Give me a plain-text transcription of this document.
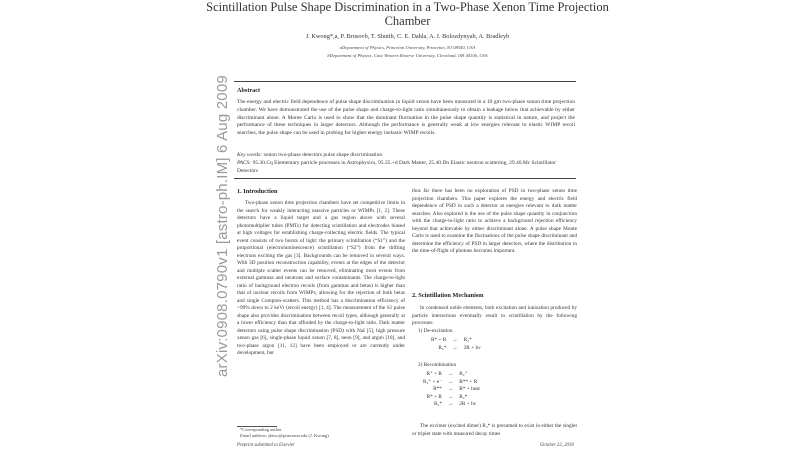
Scintillation Pulse Shape Discrimination in a Two-Phase Xenon Time Projection Chamber
J. Kwong*,a, P. Brusovb, T. Shuttb, C. E. Dahla, A. I. Bolozdynyab, A. Bradleyb
aDepartment of Physics, Princeton University, Princeton, NJ 08540, USA
bDepartment of Physics, Case Western Reserve University, Cleveland, OH 44106, USA
Abstract
The energy and electric field dependence of pulse shape discrimination in liquid xenon have been measured in a 10 gm two-phase xenon time projection chamber. We have demonstrated the use of the pulse shape and charge-to-light ratio simultaneously to obtain a leakage below that achievable by either discriminant alone. A Monte Carlo is used to show that the dominant fluctuation in the pulse shape quantity is statistical in nature, and project the performance of these techniques in larger detectors. Although the performance is generally weak at low energies relevant to elastic WIMP recoil searches, the pulse shape can be used in probing for higher energy inelastic WIMP recoils.
Key words: xenon two-phase detectors pulse shape discrimination
PACS: 95.30.Cq Elementary particle processes in Astrophysics, 95.35.+d Dark Matter, 25.40.Dn Elastic neutron scattering, 29.40.Mc Scintillator Detectors
arXiv:0908.0790v1 [astro-ph.IM] 6 Aug 2009 1. Introduction

Two-phase xenon time projection chambers have set competitive limits in the search for weakly interacting massive particles or WIMPs [1, 2]. These detectors have a liquid target and a gas region above with several photomultiplier tubes (PMTs) for detecting scintillation and electrodes biased at high voltages for establishing charge-collecting electric fields. The typical event consists of two bursts of light: the primary scintillation (“S1”) and the proportional (electroluminescence) scintillation (“S2”) from the drifting electrons exciting the gas [3]. Backgrounds can be removed in several ways. With 3D position reconstruction capability, events at the edges of the detector and multiple scatter events can be removed, eliminating most events from external gammas and neutrons and surface contaminants. The charge-to-light ratio of background electron recoils (from gammas and betas) is higher than that of nuclear recoils from WIMPs, allowing for the rejection of bulk betas and single Compton-scatters. This method has a discrimination efficiency of >99% down to 2 keVr (recoil energy) [1, 4]. The measurement of the S1 pulse shape also provides discrimination between recoil types, although generally at a lower efficiency than that afforded by the charge-to-light ratio. Dark matter detectors using pulse shape discrimination (PSD) with NaI [5], high pressure xenon gas [6], single-phase liquid xenon [7, 8], neon [9], and argon [10], and two-phase argon [11, 12] have been employed or are currently under development, but

thus far there has been no exploration of PSD in two-phase xenon time projection chambers. This paper explores the energy and electric field dependence of PSD in such a detector at energies relevant to dark matter searches. Also explored is the use of the pulse shape quantity in conjunction with the charge-to-light ratio to achieve a background rejection efficiency beyond that achievable by either discriminant alone. A pulse shape Monte Carlo is used to examine the fluctuations of the pulse shape discriminant and determine the efficiency of PSD in larger detectors, where the distribution in the time-of-flight of photons becomes important.

2. Scintillation Mechanism

In condensed noble elements, both excitation and ionization produced by particle interactions eventually result in scintillation by the following processes:

1) De-excitation
R* + R	→	R₂*
R₂*	→	2R + hν
2) Recombination
R⁺ + R	→	R₂⁺
R₂⁺ + e⁻	→	R** + R
R**	→	R* + heat
R* + R	→	R₂*
R₂*	→	2R + hν

The excimer (excited dimer) R₂* is presumed to exist in either the singlet or triplet state with measured decay times

*Corresponding author
Email address: jktwo@princeton.edu (J. Kwong)
Preprint submitted to Elsevier	October 22, 2018
